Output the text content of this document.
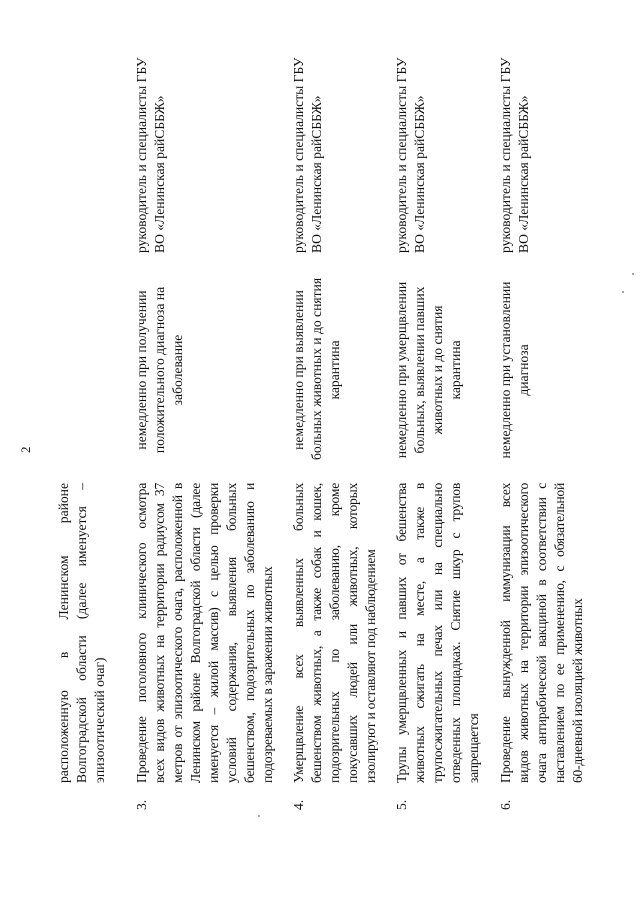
2
расположенную в Ленинском районе Волгоградской области (далее именуется – эпизоотический очаг)
3.
Проведение поголовного клинического осмотра всех видов животных на территории радиусом 37 метров от эпизоотического очага, расположенной в Ленинском районе Волгоградской области (далее именуется – жилой массив) с целью проверки условий содержания, выявления больных бешенством, подозрительных по заболеванию и подозреваемых в заражении животных
немедленно при получении положительного диагноза на заболевание
руководитель и специалисты ГБУ ВО «Ленинская райСББЖ»
4.
Умерщвление всех выявленных больных бешенством животных, а также собак и кошек, подозрительных по заболеванию, кроме покусавших людей или животных, которых изолируют и оставляют под наблюдением
немедленно при выявлении больных животных и до снятия карантина
руководитель и специалисты ГБУ ВО «Ленинская райСББЖ»
5.
Трупы умерщвленных и павших от бешенства животных сжигать на месте, а также в трупосжигательных печах или на специально отведенных площадках. Снятие шкур с трупов запрещается
немедленно при умерщвлении больных, выявлении павших животных и до снятия карантина
руководитель и специалисты ГБУ ВО «Ленинская райСББЖ»
6.
Проведение вынужденной иммунизации всех видов животных на территории эпизоотического очага антирабической вакциной в соответствии с наставлением по ее применению, с обязательной 60-дневной изоляцией животных
немедленно при установлении диагноза
руководитель и специалисты ГБУ ВО «Ленинская райСББЖ»
